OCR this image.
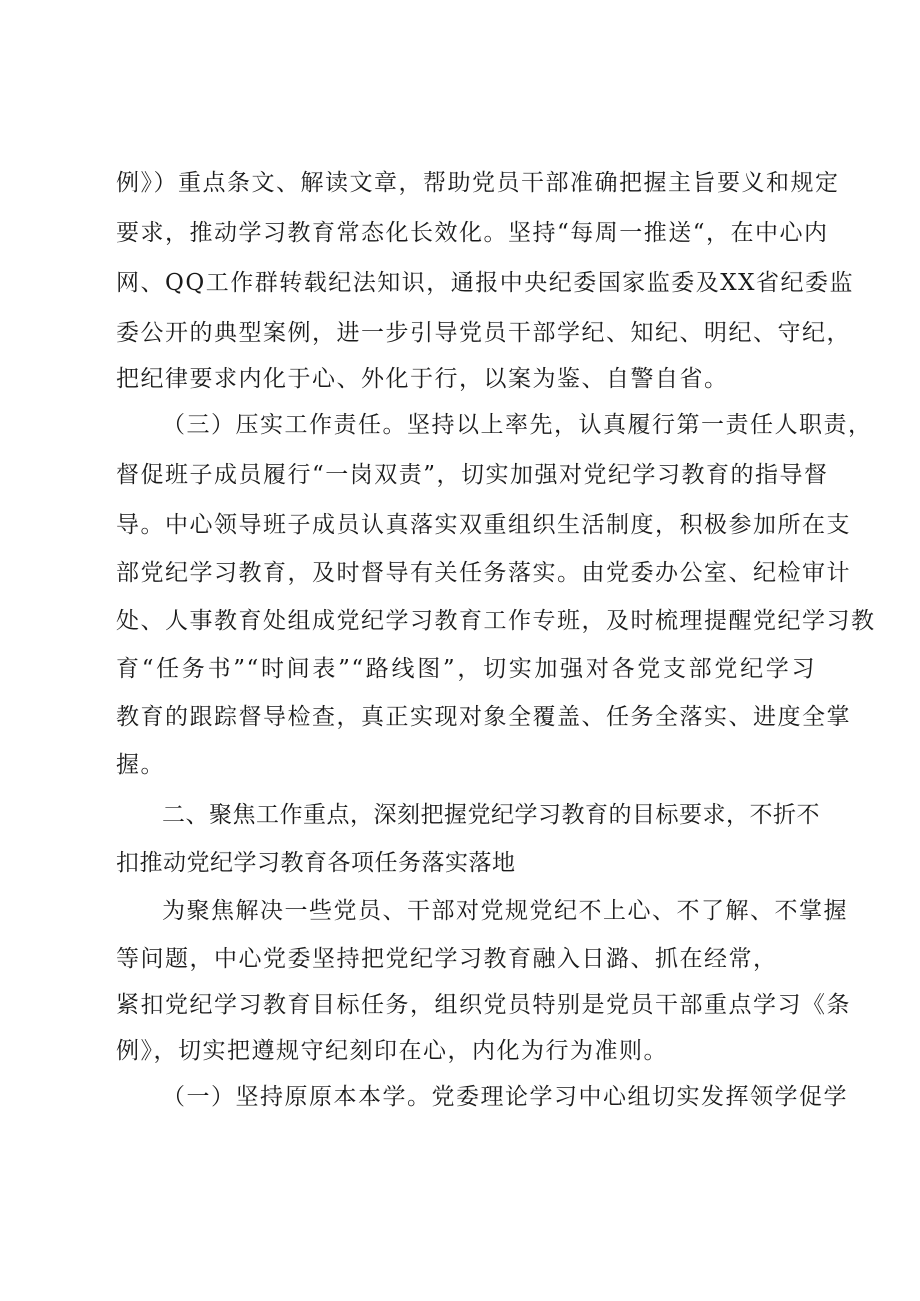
例》）重点条文、解读文章，帮助党员干部准确把握主旨要义和规定
要求，推动学习教育常态化长效化。坚持“每周一推送“，在中心内
网、QQ工作群转载纪法知识，通报中央纪委国家监委及XX省纪委监
委公开的典型案例，进一步引导党员干部学纪、知纪、明纪、守纪，
把纪律要求内化于心、外化于行，以案为鉴、自警自省。
（三）压实工作责任。坚持以上率先，认真履行第一责任人职责，
督促班子成员履行“一岗双责”，切实加强对党纪学习教育的指导督
导。中心领导班子成员认真落实双重组织生活制度，积极参加所在支
部党纪学习教育，及时督导有关任务落实。由党委办公室、纪检审计
处、人事教育处组成党纪学习教育工作专班，及时梳理提醒党纪学习教
育“任务书”“时间表”“路线图”，切实加强对各党支部党纪学习
教育的跟踪督导检查，真正实现对象全覆盖、任务全落实、进度全掌
握。
二、聚焦工作重点，深刻把握党纪学习教育的目标要求，不折不
扣推动党纪学习教育各项任务落实落地
为聚焦解决一些党员、干部对党规党纪不上心、不了解、不掌握
等问题，中心党委坚持把党纪学习教育融入日潞、抓在经常，
紧扣党纪学习教育目标任务，组织党员特别是党员干部重点学习《条
例》，切实把遵规守纪刻印在心，内化为行为准则。
（一）坚持原原本本学。党委理论学习中心组切实发挥领学促学
